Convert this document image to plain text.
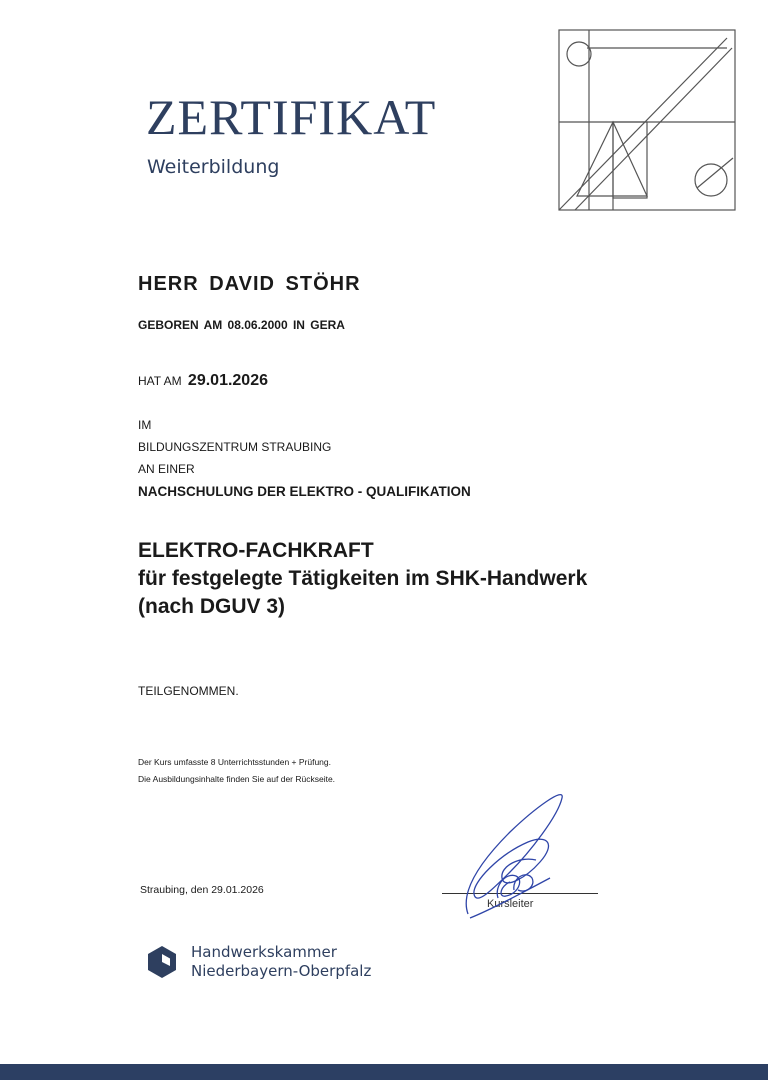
ZERTIFIKAT
Weiterbildung
HERR DAVID STÖHR
GEBOREN AM 08.06.2000 IN GERA
HAT AM 29.01.2026
IM
BILDUNGSZENTRUM STRAUBING
AN EINER
NACHSCHULUNG DER ELEKTRO - QUALIFIKATION
ELEKTRO-FACHKRAFT
für festgelegte Tätigkeiten im SHK-Handwerk
(nach DGUV 3)
TEILGENOMMEN.
Der Kurs umfasste 8 Unterrichtsstunden + Prüfung.
Die Ausbildungsinhalte finden Sie auf der Rückseite.
Straubing, den 29.01.2026
Kursleiter
Handwerkskammer
Niederbayern-Oberpfalz
